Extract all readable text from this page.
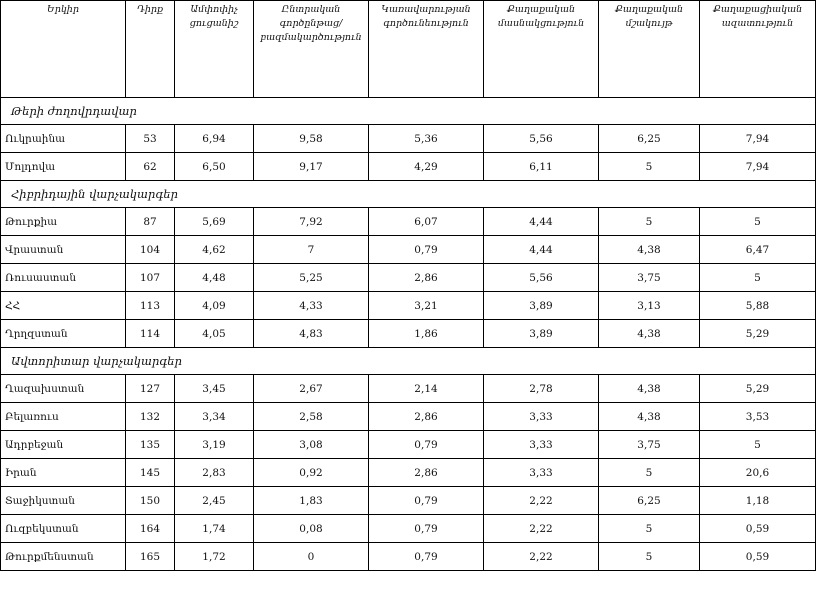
Երկիր	Դիրք	Ամփոփիչ ցուցանիշ	Ընտրական գործընթաց/բազմակարծություն	Կառավարության գործունեություն	Քաղաքական մասնակցություն	Քաղաքական մշակույթ	Քաղաքացիական ազատություն
Թերի ժողովրդավար							
Ուկրաինա	53	6,94	9,58	5,36	5,56	6,25	7,94
Մոլդովա	62	6,50	9,17	4,29	6,11	5	7,94
Հիբրիդային վարչակարգեր							
Թուրքիա	87	5,69	7,92	6,07	4,44	5	5
Վրաստան	104	4,62	7	0,79	4,44	4,38	6,47
Ռուսաստան	107	4,48	5,25	2,86	5,56	3,75	5
ՀՀ	113	4,09	4,33	3,21	3,89	3,13	5,88
Ղրղզստան	114	4,05	4,83	1,86	3,89	4,38	5,29
Ավտորիտար վարչակարգեր							
Ղազախստան	127	3,45	2,67	2,14	2,78	4,38	5,29
Բելառուս	132	3,34	2,58	2,86	3,33	4,38	3,53
Ադրբեջան	135	3,19	3,08	0,79	3,33	3,75	5
Իրան	145	2,83	0,92	2,86	3,33	5	20,6
Տաջիկստան	150	2,45	1,83	0,79	2,22	6,25	1,18
Ուզբեկստան	164	1,74	0,08	0,79	2,22	5	0,59
Թուրքմենստան	165	1,72	0	0,79	2,22	5	0,59
